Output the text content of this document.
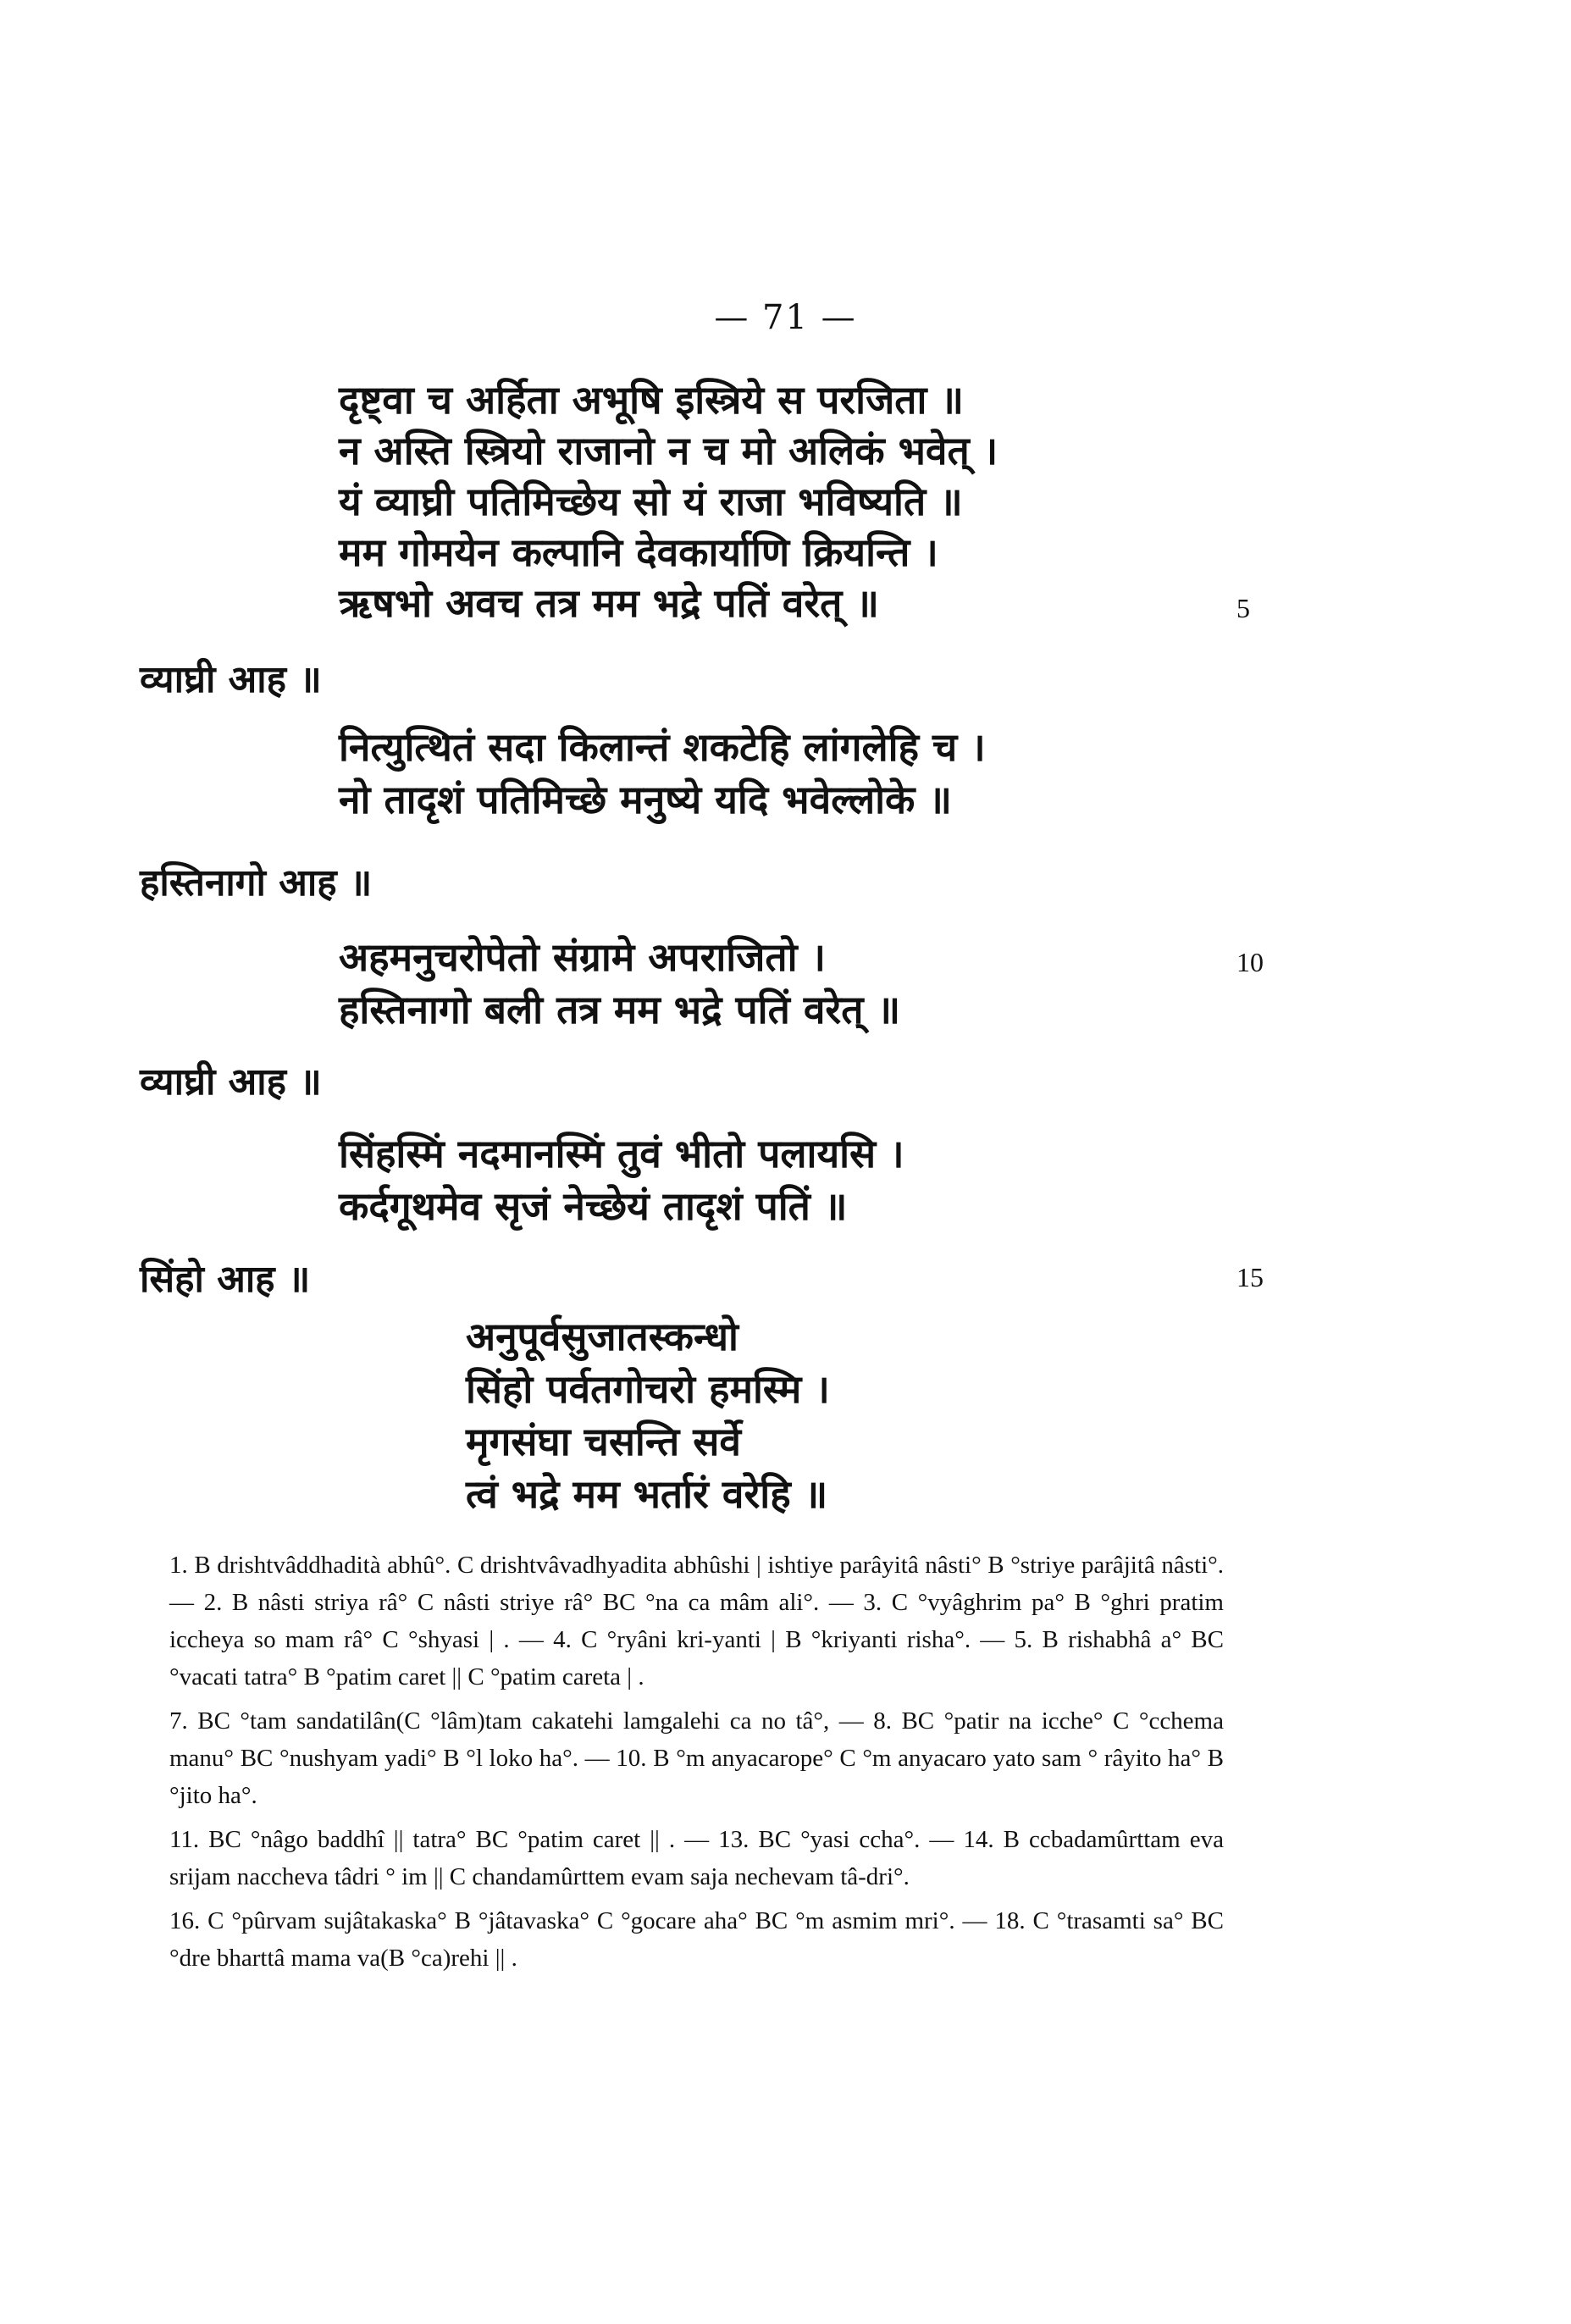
— 71 —
दृष्ट्वा च अर्हिता अभूषि इस्त्रिये स परजिता ॥
न अस्ति स्त्रियो राजानो न च मो अलिकं भवेत् ।
यं व्याघ्री पतिमिच्छेय सो यं राजा भविष्यति ॥
मम गोमयेन कल्पानि देवकार्याणि क्रियन्ति ।
ऋषभो अवच तत्र मम भद्रे पतिं वरेत् ॥	5
व्याघ्री आह ॥
नित्युत्थितं सदा किलान्तं शकटेहि लांगलेहि च ।
नो तादृशं पतिमिच्छे मनुष्ये यदि भवेल्लोके ॥
हस्तिनागो आह ॥
अहमनुचरोपेतो संग्रामे अपराजितो ।
हस्तिनागो बली तत्र मम भद्रे पतिं वरेत् ॥
10
व्याघ्री आह ॥
सिंहस्मिं नदमानस्मिं तुवं भीतो पलायसि ।
कर्दगूथमेव सृजं नेच्छेयं तादृशं पतिं ॥
सिंहो आह ॥	15
अनुपूर्वसुजातस्कन्धो
सिंहो पर्वतगोचरो हमस्मि ।
मृगसंघा चसन्ति सर्वे
त्वं भद्रे मम भर्तारं वरेहि ॥

1. B drishtvâddhadità abhû°. C drishtvâvadhyadita abhûshi | ishtiye parâyitâ nâsti° B °striye parâjitâ nâsti°. — 2. B nâsti striya râ° C nâsti striye râ° BC °na ca mâm ali°. — 3. C °vyâghrim pa° B °ghri pratim iccheya so mam râ° C °shyasi | . — 4. C °ryâni kri-yanti | B °kriyanti risha°. — 5. B rishabhâ a° BC °vacati tatra° B °patim caret || C °patim careta | .

7. BC °tam sandatilân(C °lâm)tam cakatehi lamgalehi ca no tâ°, — 8. BC °patir na icche° C °cchema manu° BC °nushyam yadi° B °l loko ha°. — 10. B °m anyacarope° C °m anyacaro yato sam ° râyito ha° B °jito ha°.

11. BC °nâgo baddhî || tatra° BC °patim caret || . — 13. BC °yasi ccha°. — 14. B ccbadamûrttam eva srijam naccheva tâdri ° im || C chandamûrttem evam saja nechevam tâ-dri°.

16. C °pûrvam sujâtakaska° B °jâtavaska° C °gocare aha° BC °m asmim mri°. — 18. C °trasamti sa° BC °dre bharttâ mama va(B °ca)rehi || .
